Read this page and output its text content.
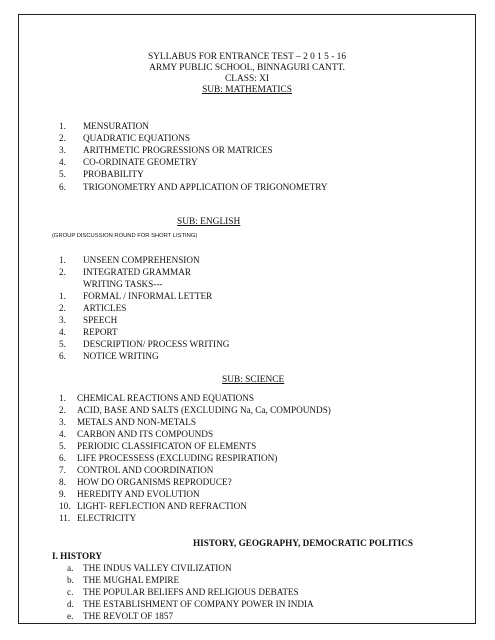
SYLLABUS FOR ENTRANCE TEST – 2 0 1 5 - 16
ARMY PUBLIC SCHOOL, BINNAGURI CANTT.
CLASS: XI
SUB: MATHEMATICS
1. MENSURATION
2. QUADRATIC EQUATIONS
3. ARITHMETIC PROGRESSIONS OR MATRICES
4. CO-ORDINATE GEOMETRY
5. PROBABILITY
6. TRIGONOMETRY AND APPLICATION OF TRIGONOMETRY
SUB: ENGLISH
(GROUP DISCUSSION ROUND FOR SHORT LISTING)
1. UNSEEN COMPREHENSION
2. INTEGRATED GRAMMAR
WRITING TASKS---
1. FORMAL / INFORMAL LETTER
2. ARTICLES
3. SPEECH
4. REPORT
5. DESCRIPTION/ PROCESS WRITING
6. NOTICE WRITING
SUB: SCIENCE
1. CHEMICAL REACTIONS AND EQUATIONS
2. ACID, BASE AND SALTS (EXCLUDING Na, Ca, COMPOUNDS)
3. METALS AND NON-METALS
4. CARBON AND ITS COMPOUNDS
5. PERIODIC CLASSIFICATON OF ELEMENTS
6. LIFE PROCESSESS (EXCLUDING RESPIRATION)
7. CONTROL AND COORDINATION
8. HOW DO ORGANISMS REPRODUCE?
9. HEREDITY AND EVOLUTION
10. LIGHT- REFLECTION AND REFRACTION
11. ELECTRICITY
HISTORY, GEOGRAPHY, DEMOCRATIC POLITICS
I. HISTORY
a. THE INDUS VALLEY CIVILIZATION
b. THE MUGHAL EMPIRE
c. THE POPULAR BELIEFS AND RELIGIOUS DEBATES
d. THE ESTABLISHMENT OF COMPANY POWER IN INDIA
e. THE REVOLT OF 1857
